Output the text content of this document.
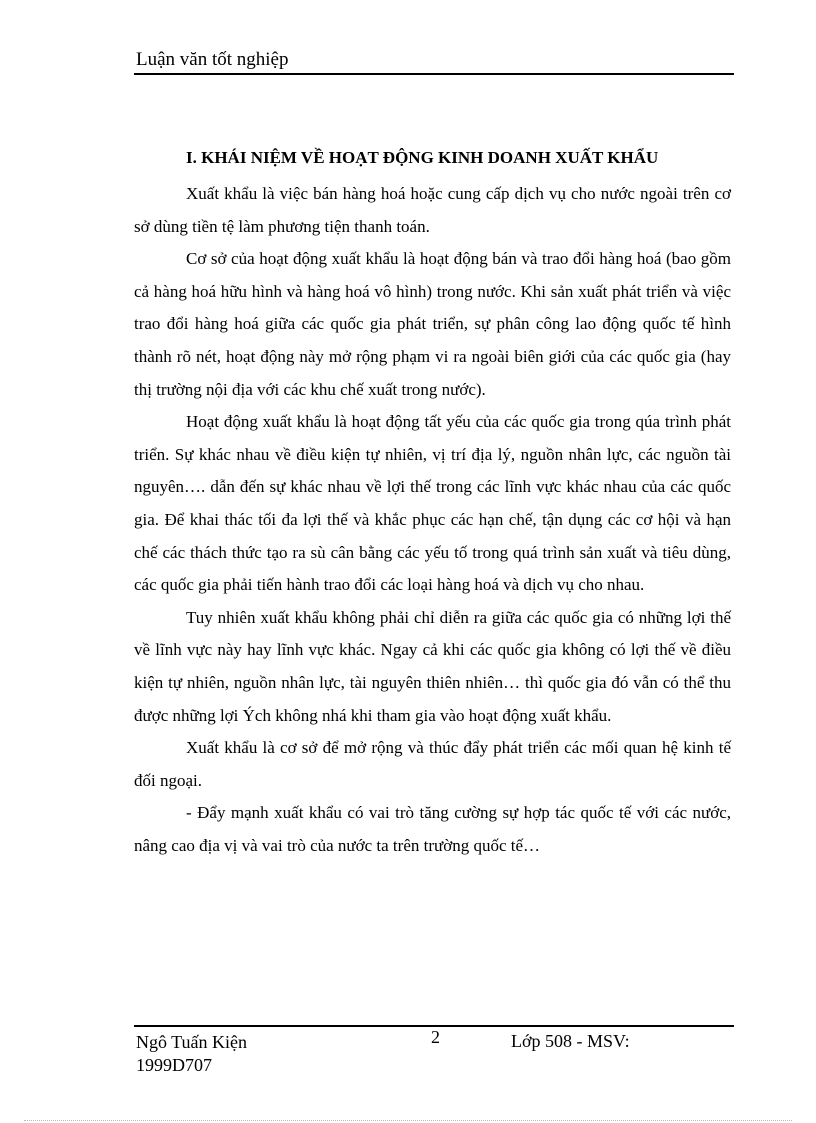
Luận văn tốt nghiệp
I. KHÁI NIỆM VỀ HOẠT ĐỘNG KINH DOANH XUẤT KHẨU

Xuất khẩu là việc bán hàng hoá hoặc cung cấp dịch vụ cho nước ngoài trên cơ sở dùng tiền tệ làm phương tiện thanh toán.

Cơ sở của hoạt động xuất khẩu là hoạt động bán và trao đổi hàng hoá (bao gồm cả hàng hoá hữu hình và hàng hoá vô hình) trong nước. Khi sản xuất phát triển và việc trao đổi hàng hoá giữa các quốc gia phát triển, sự phân công lao động quốc tế hình thành rõ nét, hoạt động này mở rộng phạm vi ra ngoài biên giới của các quốc gia (hay thị trường nội địa với các khu chế xuất trong nước).

Hoạt động xuất khẩu là hoạt động tất yếu của các quốc gia trong qúa trình phát triển. Sự khác nhau về điều kiện tự nhiên, vị trí địa lý, nguồn nhân lực, các nguồn tài nguyên…. dẫn đến sự khác nhau về lợi thế trong các lĩnh vực khác nhau của các quốc gia. Để khai thác tối đa lợi thế và khắc phục các hạn chế, tận dụng các cơ hội và hạn chế các thách thức tạo ra sù cân bằng các yếu tố trong quá trình sản xuất và tiêu dùng, các quốc gia phải tiến hành trao đổi các loại hàng hoá và dịch vụ cho nhau.

Tuy nhiên xuất khẩu không phải chỉ diễn ra giữa các quốc gia có những lợi thế về lĩnh vực này hay lĩnh vực khác. Ngay cả khi các quốc gia không có lợi thế về điều kiện tự nhiên, nguồn nhân lực, tài nguyên thiên nhiên… thì quốc gia đó vẫn có thể thu được những lợi Ých không nhá khi tham gia vào hoạt động xuất khẩu.

Xuất khẩu là cơ sở để mở rộng và thúc đẩy phát triển các mối quan hệ kinh tế đối ngoại.

- Đẩy mạnh xuất khẩu có vai trò tăng cường sự hợp tác quốc tế với các nước, nâng cao địa vị và vai trò của nước ta trên trường quốc tế…

Ngô Tuấn Kiện
1999D707
2	Lớp 508 - MSV:
